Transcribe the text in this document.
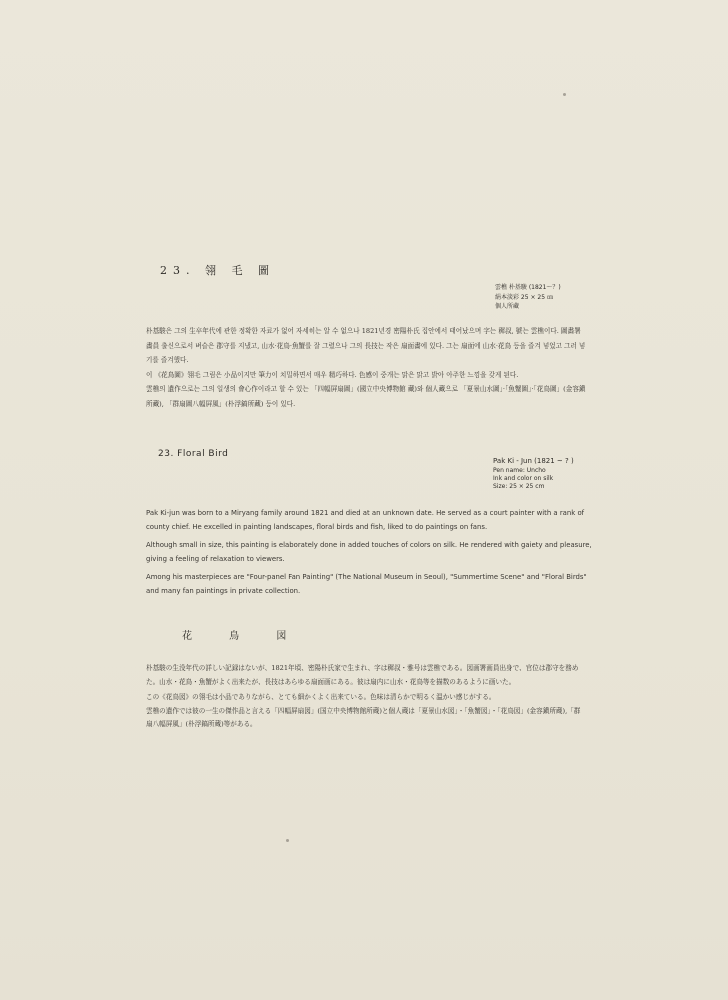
23. 翎 毛 圖
雲樵 朴基駿 (1821～？)
絹本淡彩 25 × 25 ㎝
個人所藏

朴基駿은 그의 生卒年代에 관한 정확한 자료가 없어 자세히는 알 수 없으나 1821년경 密陽朴氏 집안에서 태어났으며 字는 穉叔, 號는 雲樵이다. 圖畵署 畵員 출신으로서 벼슬은 郡守를 지냈고, 山水·花鳥·魚蟹를 잘 그렸으나 그의 長技는 작은 扇面畵에 있다. 그는 扇面에 山水·花鳥 등을 즐겨 넣었고 그러 넣기를 즐겨했다.

이 《花鳥圖》翎毛 그림은 小品이지만 筆力이 치밀하면서 매우 精巧하다. 色感이 중개는 맑은 맑고 밝아 아주한 느낌을 갖게 된다.

雲樵의 遺作으로는 그의 일생의 會心作이라고 할 수 있는 「四幅屛扇圖」(國立中央博物館 藏)와 個人藏으로 「夏景山水圖」·「魚蟹圖」·「花鳥圖」(金容鎭所藏), 「群扇圖八幅屛風」(朴浮鎬所藏) 등이 있다.

23. Floral Bird
Pak Ki - Jun (1821 ~ ? )
Pen name: Uncho
Ink and color on silk
Size: 25 × 25 cm

Pak Ki-jun was born to a Miryang family around 1821 and died at an unknown date. He served as a court painter with a rank of county chief. He excelled in painting landscapes, floral birds and fish, liked to do paintings on fans.

Although small in size, this painting is elaborately done in added touches of colors on silk. He rendered with gaiety and pleasure, giving a feeling of relaxation to viewers.

Among his masterpieces are "Four-panel Fan Painting" (The National Museum in Seoul), "Summertime Scene" and "Floral Birds" and many fan paintings in private collection.

花 鳥 図

朴基駿の生没年代の詳しい記録はないが、1821年頃、密陽朴氏家で生まれ、字は穉叔・雅号は雲樵である。図画署画員出身で、官位は郡守を務めた。山水・花鳥・魚蟹がよく出来たが、長技はあらゆる扇面画にある。彼は扇内に山水・花鳥等を描数のあるように画いた。

この《花鳥図》の翎毛は小品でありながら、とても細かくよく出来ている。色味は清らかで明るく温かい感じがする。

雲樵の遺作では彼の一生の傑作品と言える「四幅屛扇図」(国立中央博物館所蔵)と個人蔵は「夏景山水図」・「魚蟹図」・「花鳥図」(金容鎭所蔵),「群扇八幅屛風」(朴浮鎬所蔵)等がある。
